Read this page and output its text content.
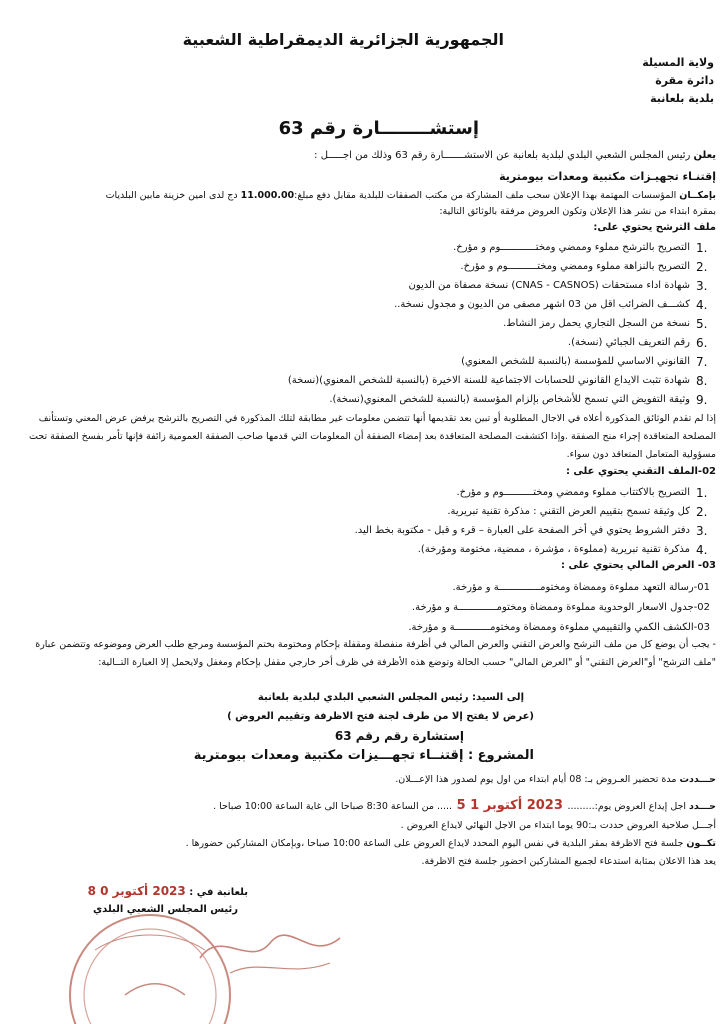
الجمهورية الجزائرية الديمقراطية الشعبية
ولاية المسيلة
دائرة مقرة
بلدية بلعانبة
إستشــــــــارة رقم 63
يعلن رئيس المجلس الشعبي البلدي لبلدية بلعانبة عن الاستشـــــــارة رقم 63 وذلك من اجـــــل :
إقتنـاء تجهيـزات مكتبية ومعدات بيومترية
بإمكــان المؤسسات المهتمة بهذا الإعلان سحب ملف المشاركة من مكتب الصفقات للبلدية مقابل دفع مبلغ:11.000.00 دج لدى امين خزينة مابين البلديات
بمقرة ابتداء من نشر هذا الإعلان وتكون العروض مرفقة بالوثائق التالية:
ملف الترشح يحتوي على:
1.
التصريح بالترشح مملوء وممضي ومختــــــــــــوم و مؤرخ.
2.
التصريح بالنزاهة مملوء وممضي ومختــــــــــوم و مؤرخ.
3.
شهادة اداء مستحقات (CNAS - CASNOS) نسخة مصفاة من الديون
4.
كشـــف الضرائب اقل من 03 اشهر مصفى من الديون و مجدول نسخة..
5.
نسخة من السجل التجاري يحمل رمز النشاط.
6.
رقم التعريف الجبائي (نسخة).
7.
القانوني الاساسي للمؤسسة (بالنسبة للشخص المعنوي)
8.
شهادة تثبت الايداع القانوني للحسابات الاجتماعية للسنة الاخيرة (بالنسبة للشخص المعنوي)(نسخة)
9.
وثيقة التفويض التي تسمح للأشخاص بإلزام المؤسسة (بالنسبة للشخص المعنوي(نسخة).
إذا لم تقدم الوثائق المذكورة أعلاه في الاجال المطلوبة أو تبين بعد تقديمها أنها تتضمن معلومات غير مطابقة لتلك المذكورة في التصريح بالترشح يرفض عرض المعني وتستأنف المصلحة المتعاقدة إجراء منح الصفقة .وإذا اكتشفت المصلحة المتعاقدة بعد إمضاء الصفقة أن المعلومات التي قدمها صاحب الصفقة العمومية زائفة فإنها تأمر بفسخ الصفقة تحت مسؤولية المتعامل المتعاقد دون سواء.
02-الملف التقني يحتوي على :
1.
التصريح بالاكتتاب مملوء وممضي ومختــــــــــوم و مؤرخ.
2.
كل وثيقة تسمح بتقييم العرض التقني : مذكرة تقنية تبريرية.
3.
دفتر الشروط يحتوي في أخر الصفحة على العبارة – قرء و قبل - مكتوبة بخط اليد.
4.
مذكرة تقنية تبريرية (مملوءة ، مؤشرة ، ممضية، مختومة ومؤرخة).
03- العرض المالي يحتوي على :
01-رسالة التعهد مملوءة وممضاة ومختومــــــــــــــة و مؤرخة.
02-جدول الاسعار الوحدوية مملوءة وممضاة ومختومـــــــــــــة و مؤرخة.
03-الكشف الكمي والتقييمي مملوءة وممضاة ومختومــــــــــــة و مؤرخة.
- يجب أن يوضع كل من ملف الترشح والعرض التقني والعرض المالي في أظرفة منفصلة ومقفلة بإحكام ومختومة بختم المؤسسة ومرجع طلب العرض وموضوعه وتتضمن عبارة "ملف الترشح" أو"العرض التقني" أو "العرض المالي" حسب الحالة وتوضع هذه الأظرفة في ظرف أخر خارجي مقفل بإحكام ومغفل ولايحمل إلا العبارة التــالية:
إلى السيد: رئيس المجلس الشعبي البلدي لبلدية بلعانبة
(عرض لا يفتح إلا من طرف لجنة فتح الاظرفة وتقييم العروض )
إستشارة رقم رقم 63
المشروع : إقتنــاء تجهـــيزات مكتبية ومعدات بيومترية
حـــددت مدة تحضير العـروض بـ: 08 أيام ابتداء من اول يوم لصدور هذا الإعـــلان.
حـــدد اجل إيداع العروض يوم:......... 2023 أكتوبر 1 5 ..... من الساعة 8:30 صباحا الى غاية الساعة 10:00 صباحا .
أجـــل صلاحية العروض حددت بـ:90 يوما ابتداء من الاجل النهائي لايداع العروض .
تكــون جلسة فتح الاظرفة بمقر البلدية في نفس اليوم المحدد لايداع العروض على الساعة 10:00 صباحا ،وبإمكان المشاركين حضورها .
يعد هذا الاعلان بمثابة استدعاء لجميع المشاركين احضور جلسة فتح الاظرفة.
بلعانبة في : 2023 أكتوبر 0 8
رئيس المجلس الشعبي البلدي
